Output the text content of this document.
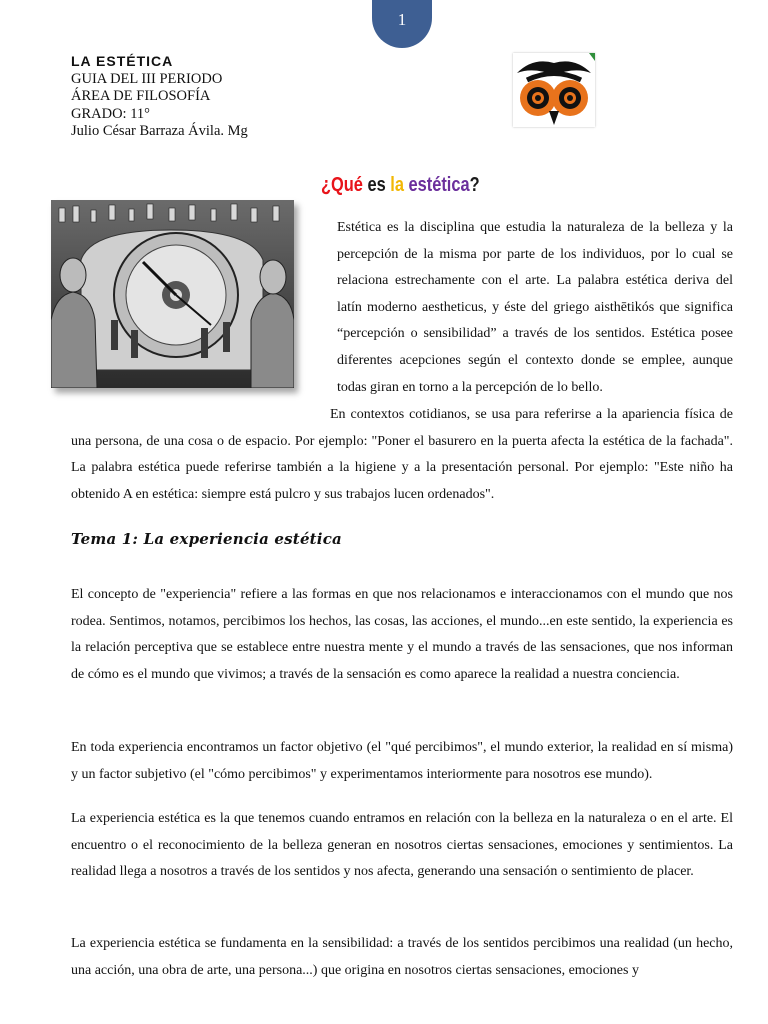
1
LA ESTÉTICA
GUIA DEL III PERIODO
ÁREA DE FILOSOFÍA
GRADO: 11°
Julio César Barraza Ávila. Mg
¿Qué es la estética?
Estética es la disciplina que estudia la naturaleza de la belleza y la percepción de la misma por parte de los individuos, por lo cual se relaciona estrechamente con el arte. La palabra estética deriva del latín moderno aestheticus, y éste del griego aisthētikós que significa “percepción o sensibilidad” a través de los sentidos. Estética posee diferentes acepciones según el contexto donde se emplee, aunque todas giran en torno a la percepción de lo bello.
En contextos cotidianos, se usa para referirse a la apariencia física de una persona, de una cosa o de espacio. Por ejemplo: "Poner el basurero en la puerta afecta la estética de la fachada". La palabra estética puede referirse también a la higiene y a la presentación personal. Por ejemplo: "Este niño ha obtenido A en estética: siempre está pulcro y sus trabajos lucen ordenados".
Tema 1: La experiencia estética
El concepto de "experiencia" refiere a las formas en que nos relacionamos e interaccionamos con el mundo que nos rodea. Sentimos, notamos, percibimos los hechos, las cosas, las acciones, el mundo...en este sentido, la experiencia es la relación perceptiva que se establece entre nuestra mente y el mundo a través de las sensaciones, que nos informan de cómo es el mundo que vivimos; a través de la sensación es como aparece la realidad a nuestra conciencia.
En toda experiencia encontramos un factor objetivo (el "qué percibimos", el mundo exterior, la realidad en sí misma) y un factor subjetivo (el "cómo percibimos" y experimentamos interiormente para nosotros ese mundo).
La experiencia estética es la que tenemos cuando entramos en relación con la belleza en la naturaleza o en el arte. El encuentro o el reconocimiento de la belleza generan en nosotros ciertas sensaciones, emociones y sentimientos. La realidad llega a nosotros a través de los sentidos y nos afecta, generando una sensación o sentimiento de placer.
La experiencia estética se fundamenta en la sensibilidad: a través de los sentidos percibimos una realidad (un hecho, una acción, una obra de arte, una persona...) que origina en nosotros ciertas sensaciones, emociones y
